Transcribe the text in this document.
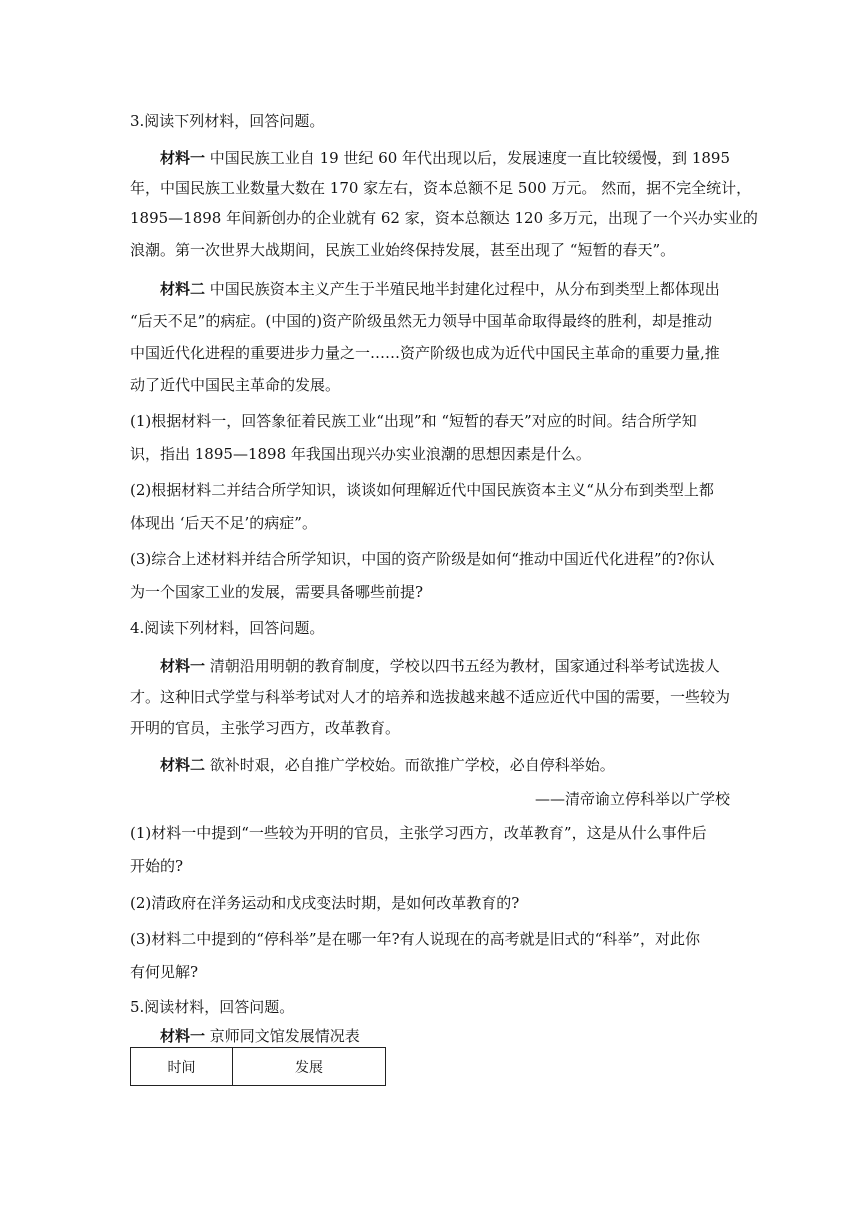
3.阅读下列材料，回答问题。
材料一 中国民族工业自 19 世纪 60 年代出现以后，发展速度一直比较缓慢，到 1895
年，中国民族工业数量大数在 170 家左右，资本总额不足 500 万元。 然而，据不完全统计，
1895—1898 年间新创办的企业就有 62 家，资本总额达 120 多万元，出现了一个兴办实业的
浪潮。第一次世界大战期间，民族工业始终保持发展，甚至出现了 “短暂的春天”。
材料二 中国民族资本主义产生于半殖民地半封建化过程中，从分布到类型上都体现出
“后天不足”的病症。(中国的)资产阶级虽然无力领导中国革命取得最终的胜利，却是推动
中国近代化进程的重要进步力量之一……资产阶级也成为近代中国民主革命的重要力量,推
动了近代中国民主革命的发展。
(1)根据材料一，回答象征着民族工业“出现”和 “短暂的春天”对应的时间。结合所学知
识，指出 1895—1898 年我国出现兴办实业浪潮的思想因素是什么。
(2)根据材料二并结合所学知识，谈谈如何理解近代中国民族资本主义“从分布到类型上都
体现出 ‘后天不足’的病症”。
(3)综合上述材料并结合所学知识，中国的资产阶级是如何“推动中国近代化进程”的?你认
为一个国家工业的发展，需要具备哪些前提?
4.阅读下列材料，回答问题。
材料一 清朝沿用明朝的教育制度，学校以四书五经为教材，国家通过科举考试选拔人
才。这种旧式学堂与科举考试对人才的培养和选拔越来越不适应近代中国的需要，一些较为
开明的官员，主张学习西方，改革教育。
材料二 欲补时艰，必自推广学校始。而欲推广学校，必自停科举始。
——清帝谕立停科举以广学校
(1)材料一中提到“一些较为开明的官员，主张学习西方，改革教育”，这是从什么事件后
开始的?
(2)清政府在洋务运动和戊戌变法时期，是如何改革教育的?
(3)材料二中提到的“停科举”是在哪一年?有人说现在的高考就是旧式的“科举”，对此你
有何见解?
5.阅读材料，回答问题。
材料一 京师同文馆发展情况表
时间	发展
